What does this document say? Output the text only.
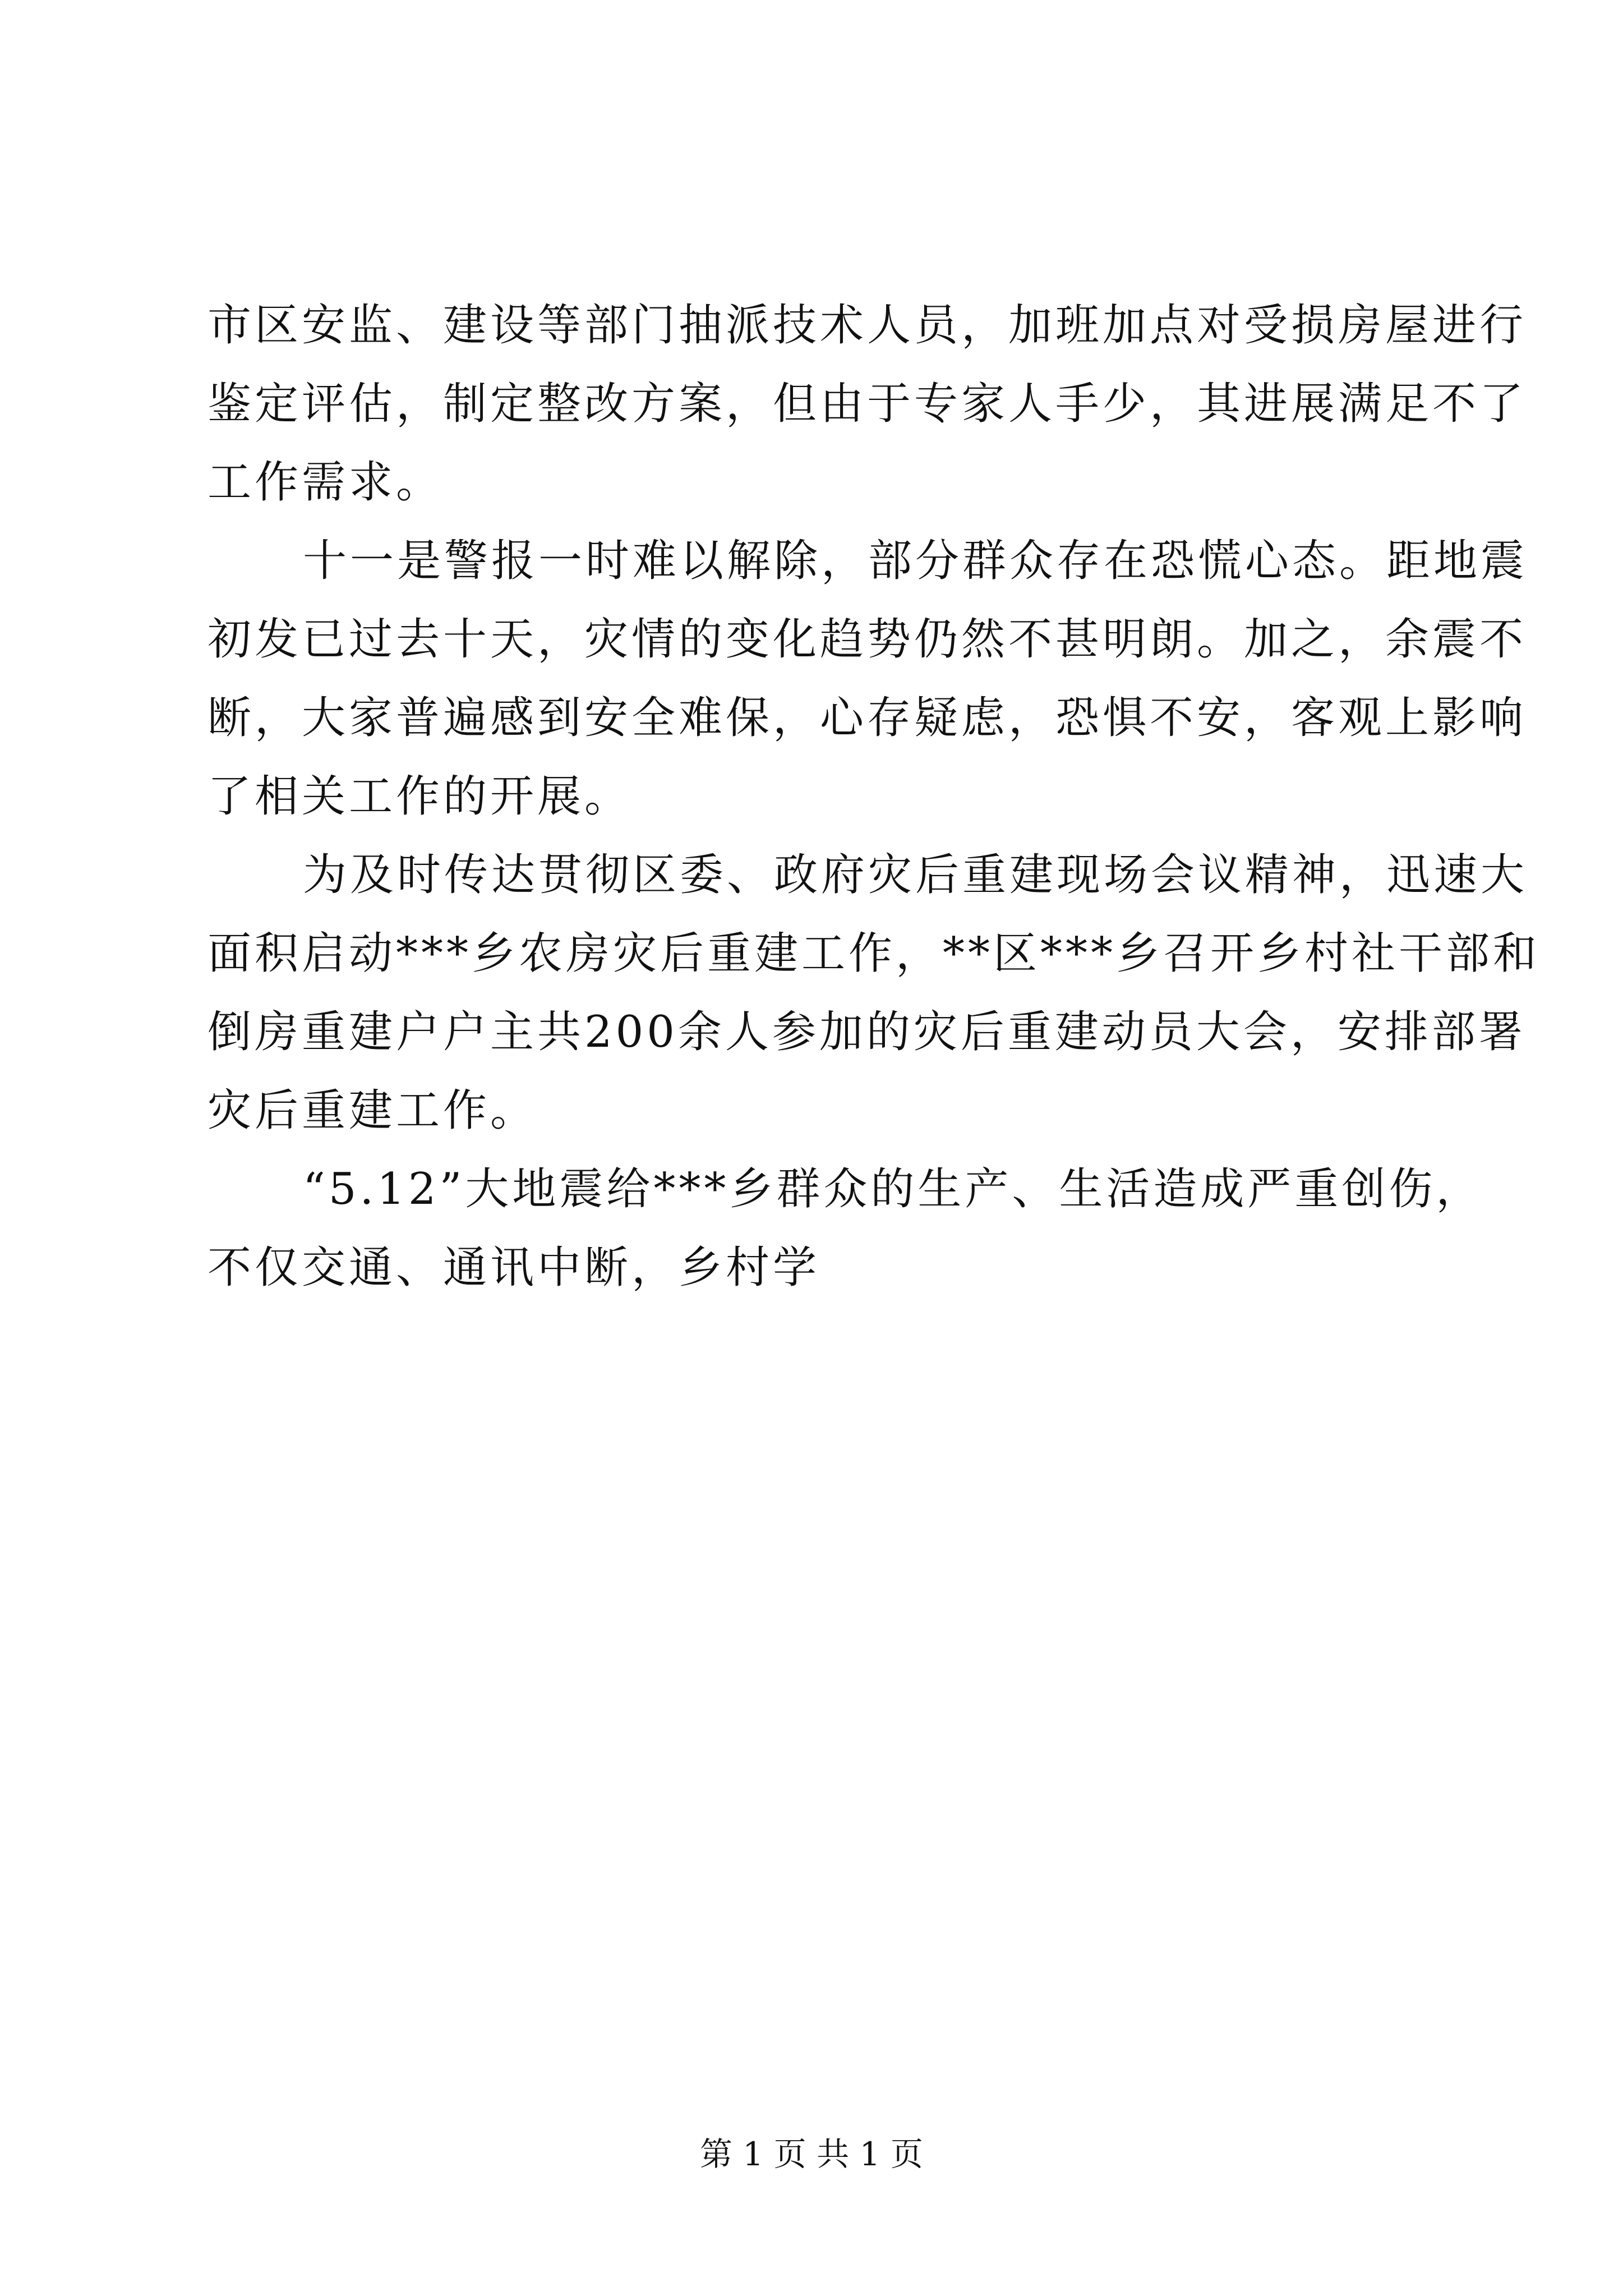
市区安监、建设等部门抽派技术人员，加班加点对受损房屋进行
鉴定评估，制定整改方案，但由于专家人手少，其进展满足不了
工作需求。
十一是警报一时难以解除，部分群众存在恐慌心态。距地震
初发已过去十天，灾情的变化趋势仍然不甚明朗。加之，余震不
断，大家普遍感到安全难保，心存疑虑，恐惧不安，客观上影响
了相关工作的开展。
为及时传达贯彻区委、政府灾后重建现场会议精神，迅速大
面积启动***乡农房灾后重建工作，**区***乡召开乡村社干部和
倒房重建户户主共200余人参加的灾后重建动员大会，安排部署
灾后重建工作。
“5.12”大地震给***乡群众的生产、生活造成严重创伤，
不仅交通、通讯中断，乡村学
第 1 页 共 1 页
